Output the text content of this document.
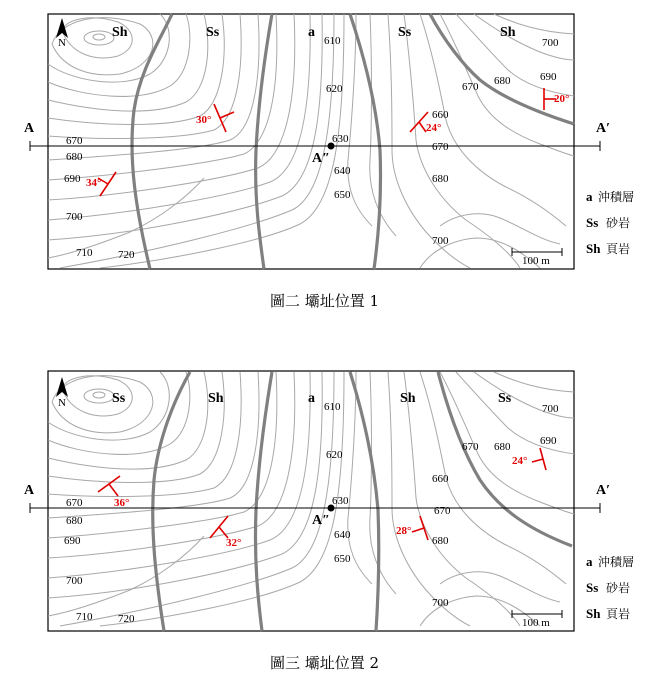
N
Sh	Ss	a	Ss	Sh
A	A′
A″
610
620
630
640
650
660
670	670
670
680
680
680
690
690
700
700
700
710 720
30°
24°
20°
34°
100 m
圖二 壩址位置 1
N	Ss	Sh	a	Sh	Ss
A	A′
A″
610
620
630
640
650
660
670
670
670
680
680
680
690
690
700
700
700
710 720
36°
32°
28°
24°
100 m
圖三 壩址位置 2
a 沖積層
Ss 砂岩
Sh 頁岩
a 沖積層
Ss 砂岩
Sh 頁岩
